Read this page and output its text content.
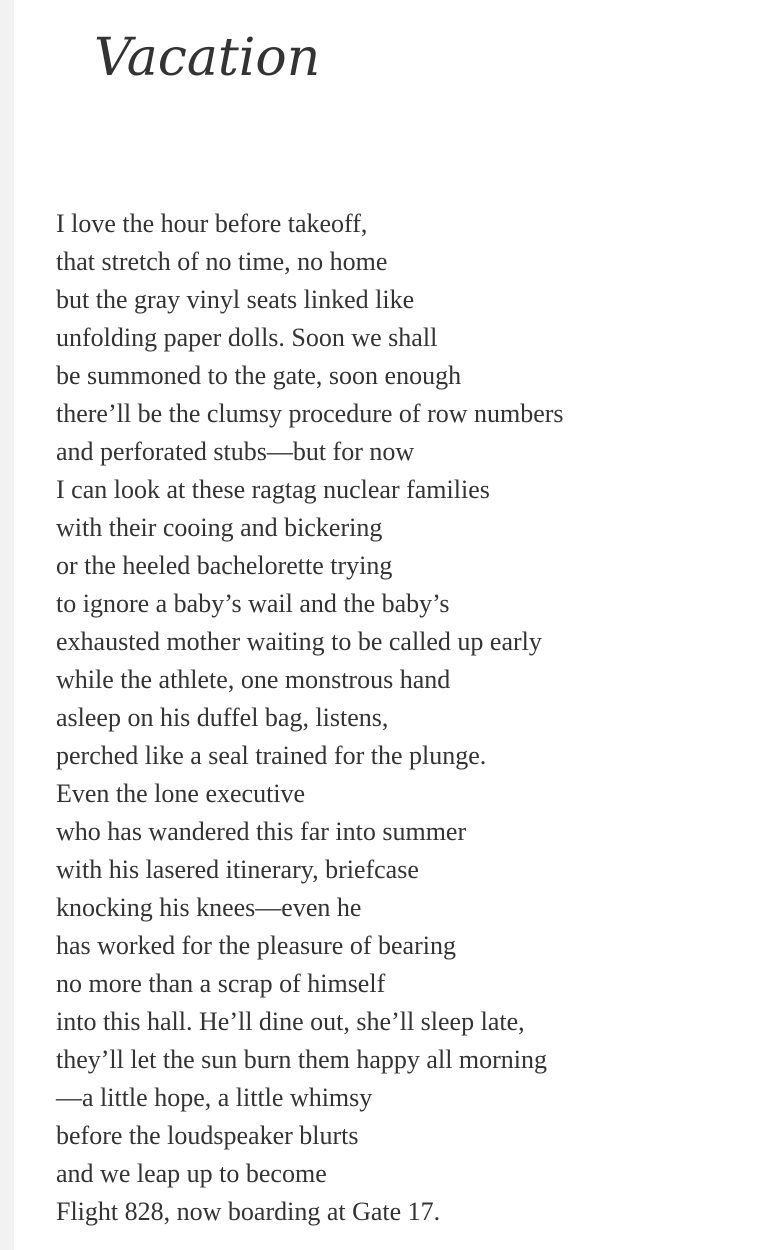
Vacation
I love the hour before takeoff,
that stretch of no time, no home
but the gray vinyl seats linked like
unfolding paper dolls. Soon we shall
be summoned to the gate, soon enough
there’ll be the clumsy procedure of row numbers
and perforated stubs—but for now
I can look at these ragtag nuclear families
with their cooing and bickering
or the heeled bachelorette trying
to ignore a baby’s wail and the baby’s
exhausted mother waiting to be called up early
while the athlete, one monstrous hand
asleep on his duffel bag, listens,
perched like a seal trained for the plunge.
Even the lone executive
who has wandered this far into summer
with his lasered itinerary, briefcase
knocking his knees—even he
has worked for the pleasure of bearing
no more than a scrap of himself
into this hall. He’ll dine out, she’ll sleep late,
they’ll let the sun burn them happy all morning
—a little hope, a little whimsy
before the loudspeaker blurts
and we leap up to become
Flight 828, now boarding at Gate 17.
